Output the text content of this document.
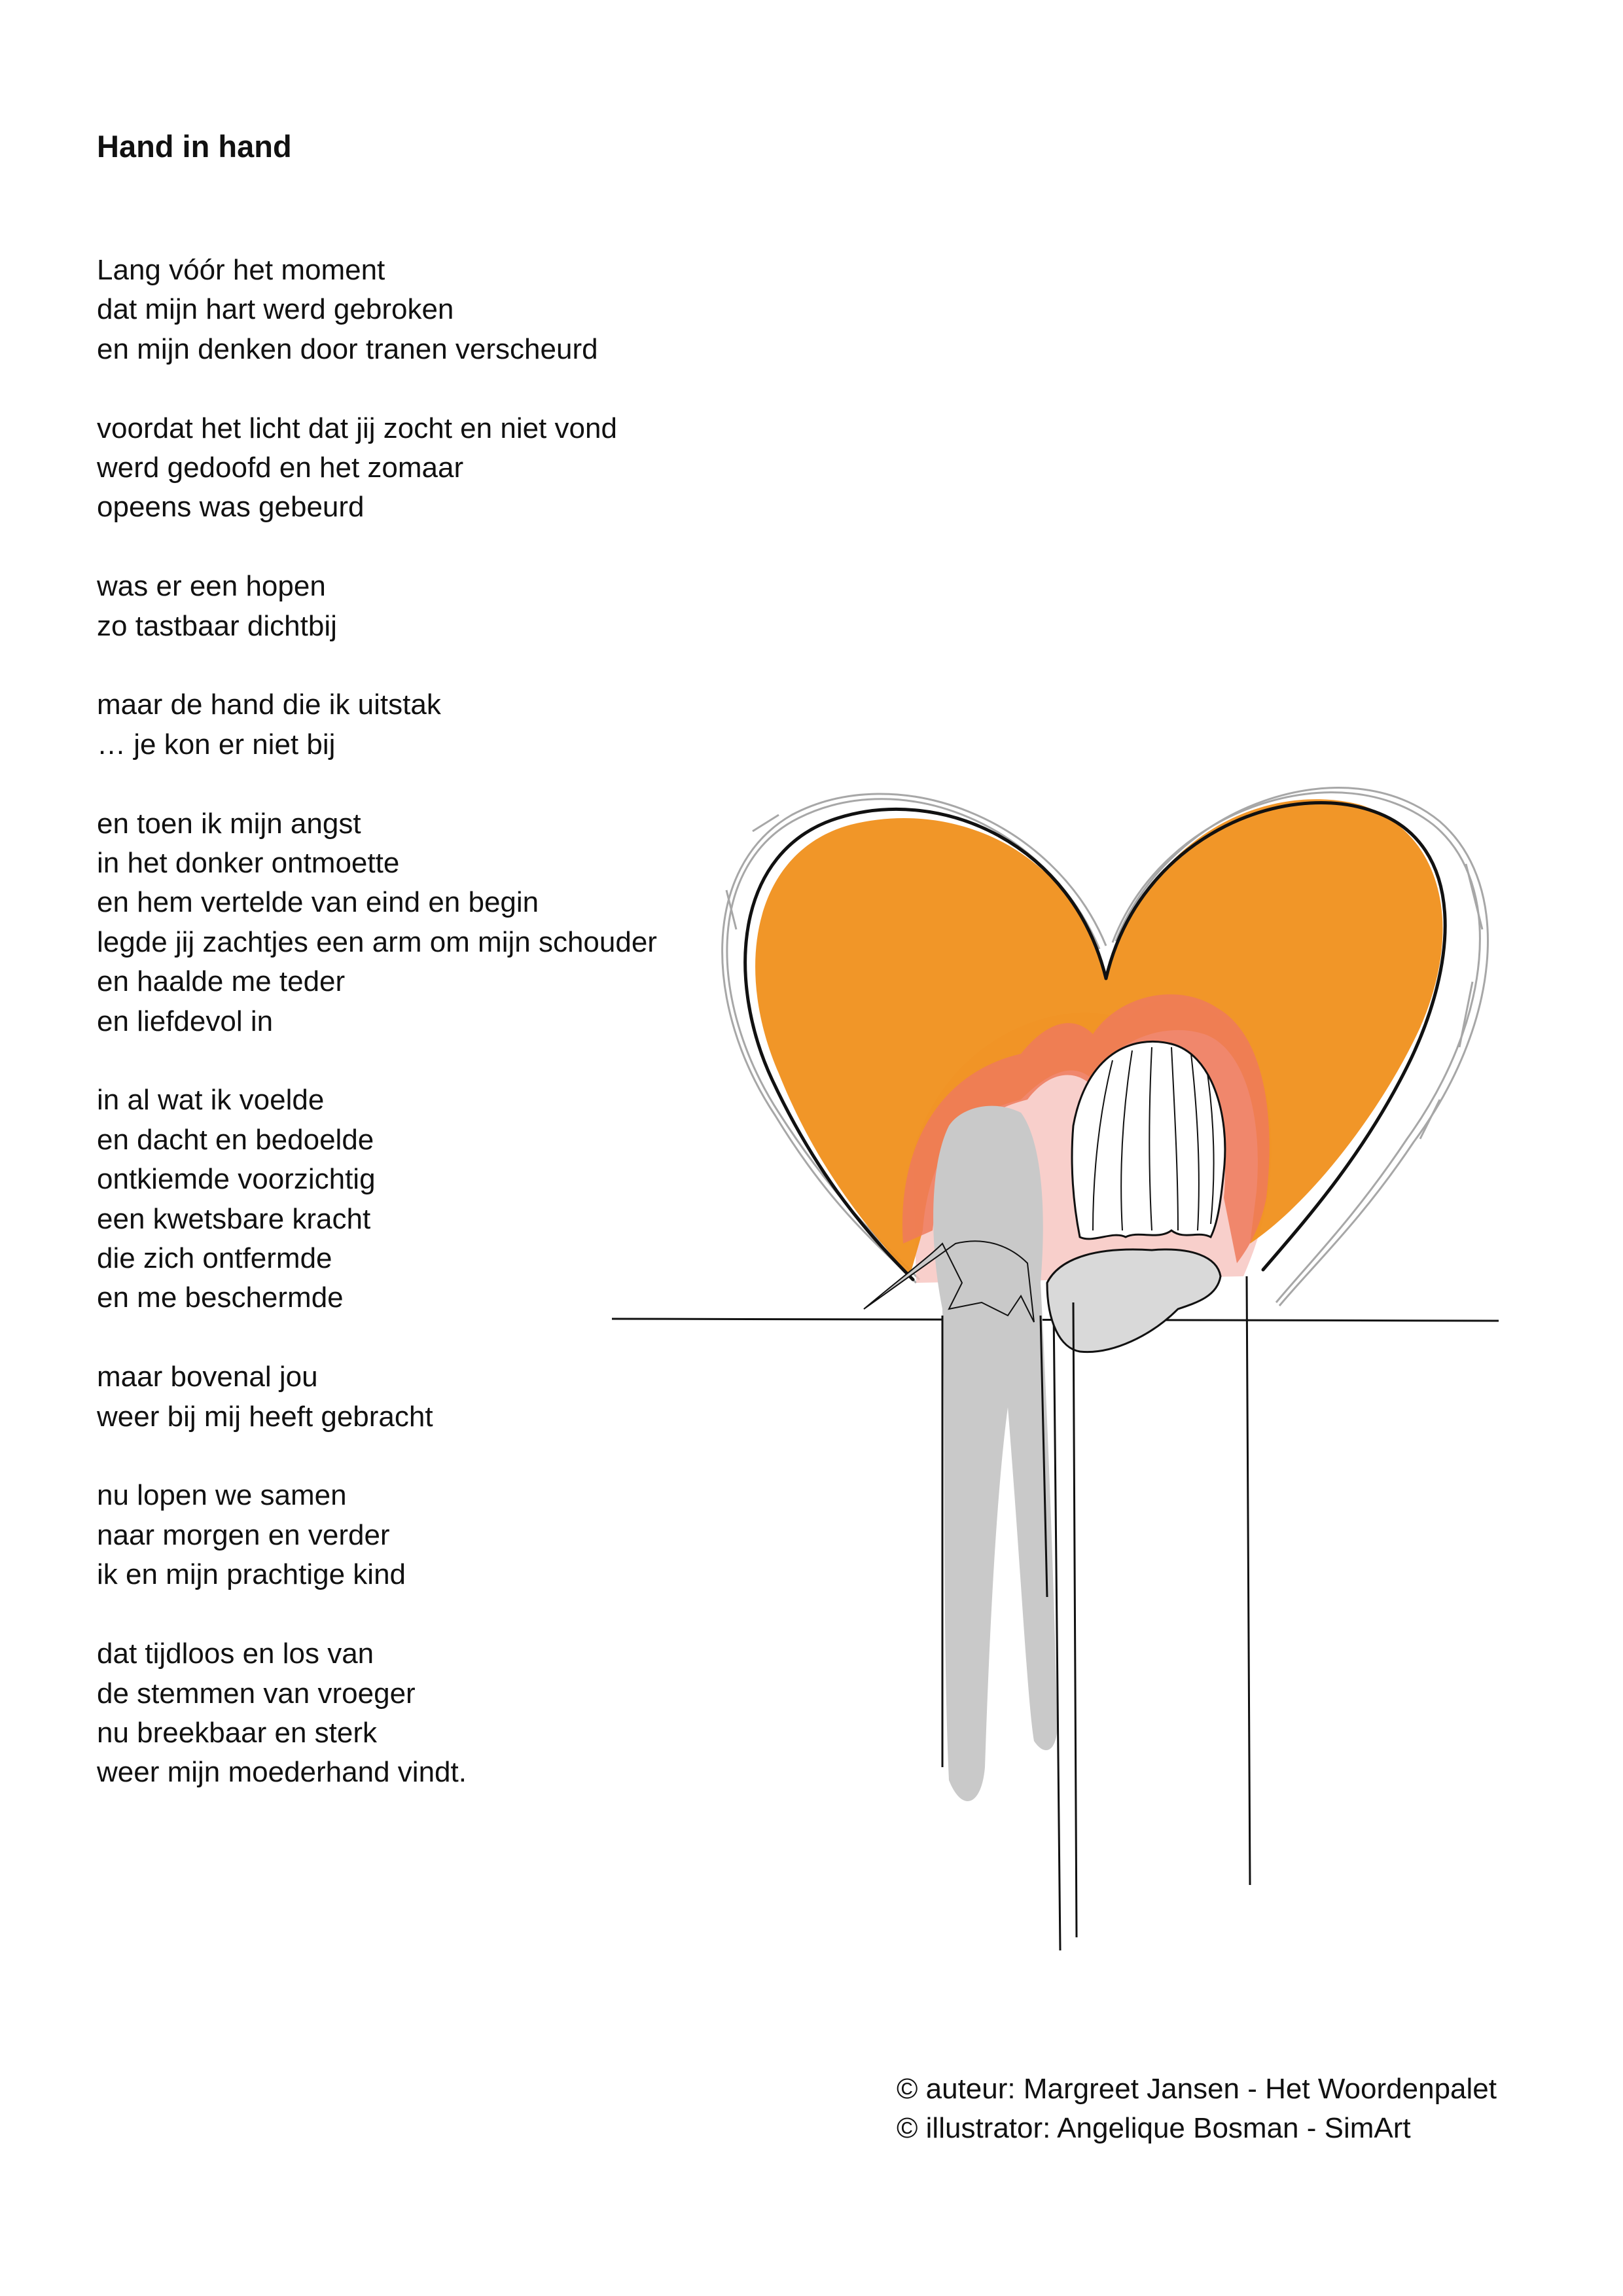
Hand in hand
Lang vóór het moment
dat mijn hart werd gebroken
en mijn denken door tranen verscheurd
voordat het licht dat jij zocht en niet vond
werd gedoofd en het zomaar
opeens was gebeurd
was er een hopen
zo tastbaar dichtbij
maar de hand die ik uitstak
… je kon er niet bij
en toen ik mijn angst
in het donker ontmoette
en hem vertelde van eind en begin
legde jij zachtjes een arm om mijn schouder
en haalde me teder
en liefdevol in
in al wat ik voelde
en dacht en bedoelde
ontkiemde voorzichtig
een kwetsbare kracht
die zich ontfermde
en me beschermde
maar bovenal jou
weer bij mij heeft gebracht
nu lopen we samen
naar morgen en verder
ik en mijn prachtige kind
dat tijdloos en los van
de stemmen van vroeger
nu breekbaar en sterk
weer mijn moederhand vindt.
© auteur: Margreet Jansen - Het Woordenpalet
© illustrator: Angelique Bosman - SimArt
